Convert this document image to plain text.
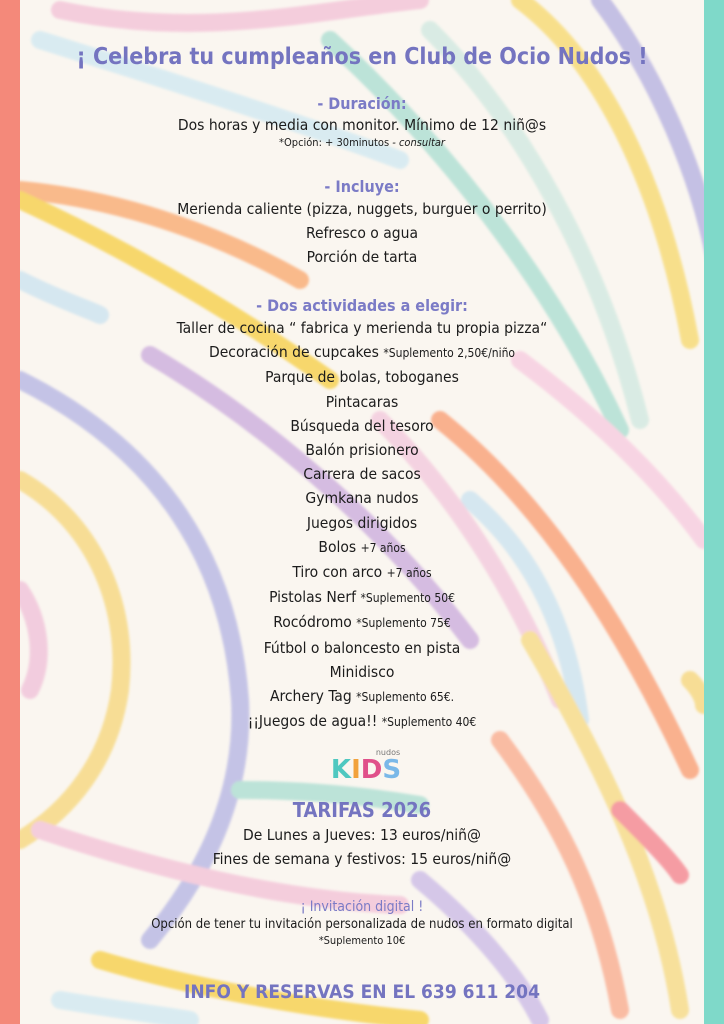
¡ Celebra tu cumpleaños en Club de Ocio Nudos !
- Duración:
Dos horas y media con monitor. Mínimo de 12 niñ@s
*Opción: + 30minutos - consultar
- Incluye:
Merienda caliente (pizza, nuggets, burguer o perrito)
Refresco o agua
Porción de tarta
- Dos actividades a elegir:
Taller de cocina “ fabrica y merienda tu propia pizza“
Decoración de cupcakes *Suplemento 2,50€/niño
Parque de bolas, toboganes
Pintacaras
Búsqueda del tesoro
Balón prisionero
Carrera de sacos
Gymkana nudos
Juegos dirigidos
Bolos +7 años
Tiro con arco +7 años
Pistolas Nerf *Suplemento 50€
Rocódromo *Suplemento 75€
Fútbol o baloncesto en pista
Minidisco
Archery Tag *Suplemento 65€.
¡¡Juegos de agua!! *Suplemento 40€
nudos
KIDS
TARIFAS 2026
De Lunes a Jueves: 13 euros/niñ@
Fines de semana y festivos: 15 euros/niñ@
¡ Invitación digital !
Opción de tener tu invitación personalizada de nudos en formato digital
*Suplemento 10€
INFO Y RESERVAS EN EL 639 611 204
